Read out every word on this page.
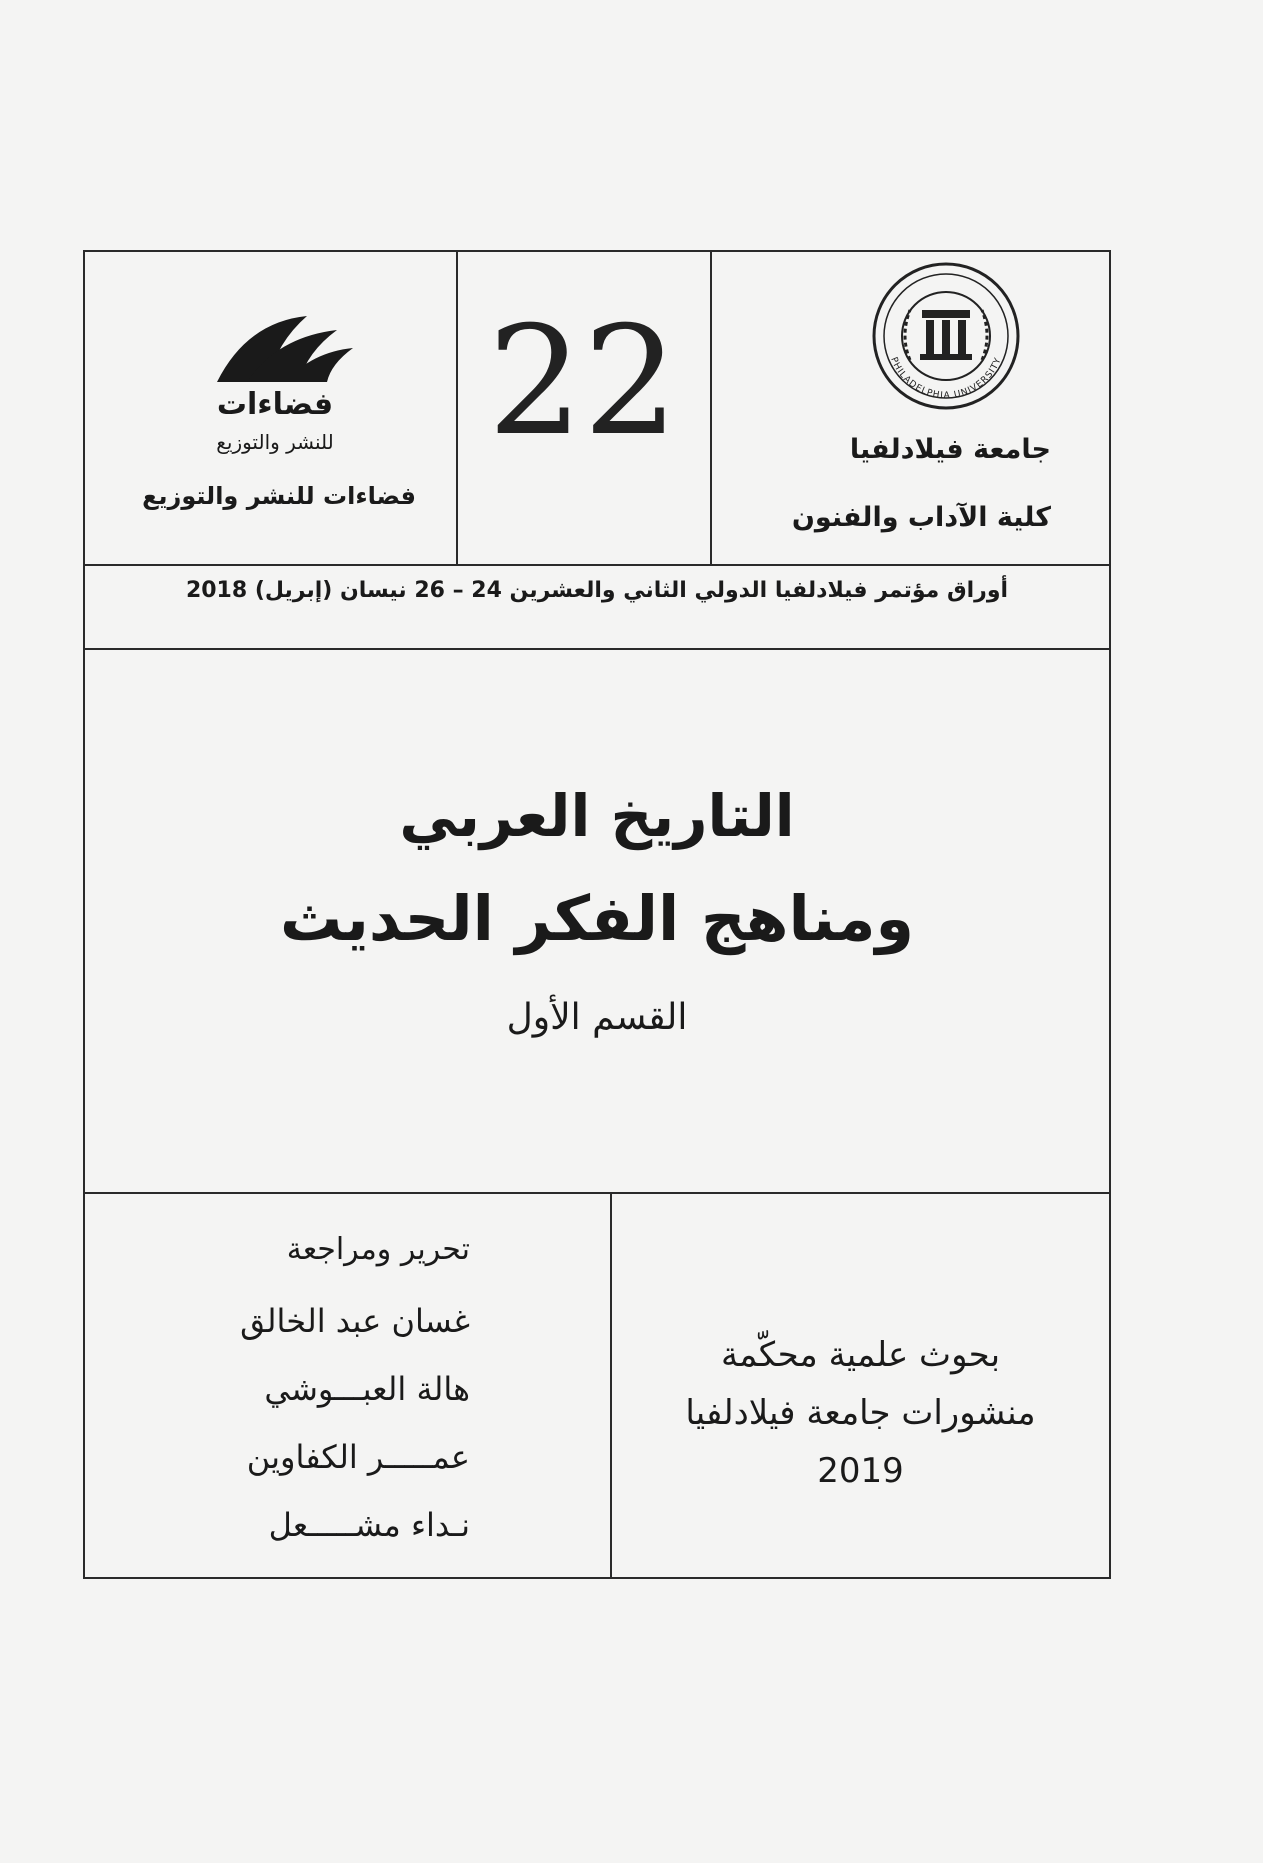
PHILADELPHIA UNIVERSITY
جامعة فيلادلفيا
كلية الآداب والفنون
22
فضاءات
للنشر والتوزيع
فضاءات للنشر والتوزيع
أوراق مؤتمر فيلادلفيا الدولي الثاني والعشرين 24 – 26 نيسان (إبريل) 2018
التاريخ العربي
ومناهج الفكر الحديث
القسم الأول
تحرير ومراجعة
غسان عبد الخالق
هالة العبـــوشي
عمـــــر الكفاوين
نـداء مشـــــعل
بحوث علمية محكّمة
منشورات جامعة فيلادلفيا
2019
